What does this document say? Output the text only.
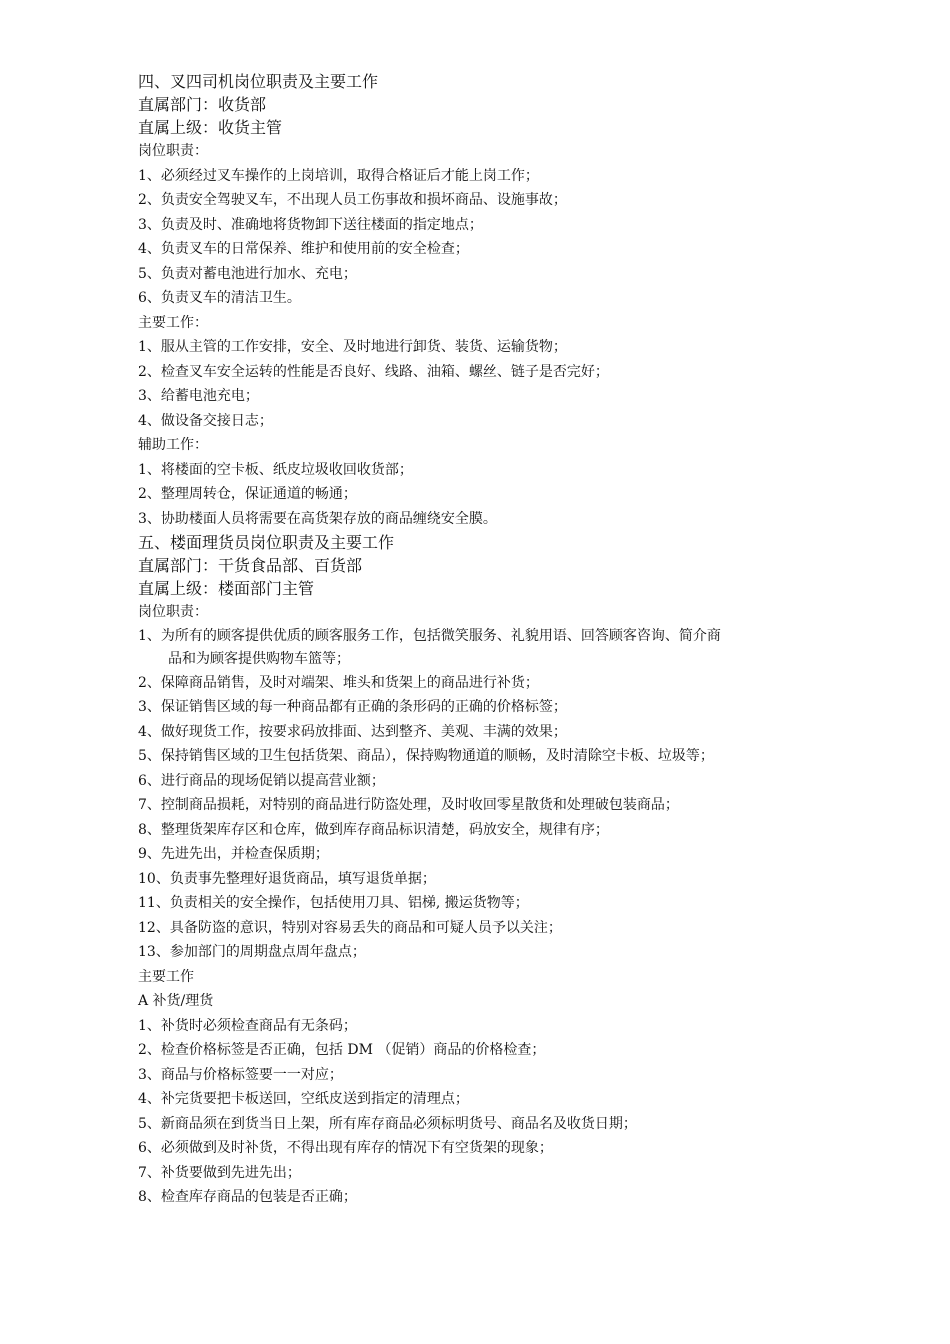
四、叉四司机岗位职责及主要工作
直属部门：收货部
直属上级：收货主管
岗位职责：
1、必须经过叉车操作的上岗培训，取得合格证后才能上岗工作；
2、负责安全驾驶叉车，不出现人员工伤事故和损坏商品、设施事故；
3、负责及时、准确地将货物卸下送往楼面的指定地点；
4、负责叉车的日常保养、维护和使用前的安全检查；
5、负责对蓄电池进行加水、充电；
6、负责叉车的清洁卫生。
主要工作：
1、服从主管的工作安排，安全、及时地进行卸货、装货、运输货物；
2、检查叉车安全运转的性能是否良好、线路、油箱、螺丝、链子是否完好；
3、给蓄电池充电；
4、做设备交接日志；
辅助工作：
1、将楼面的空卡板、纸皮垃圾收回收货部；
2、整理周转仓，保证通道的畅通；
3、协助楼面人员将需要在高货架存放的商品缠绕安全膜。
五、楼面理货员岗位职责及主要工作
直属部门：干货食品部、百货部
直属上级：楼面部门主管
岗位职责：
1、为所有的顾客提供优质的顾客服务工作，包括微笑服务、礼貌用语、回答顾客咨询、简介商
品和为顾客提供购物车篮等；
2、保障商品销售，及时对端架、堆头和货架上的商品进行补货；
3、保证销售区域的每一种商品都有正确的条形码的正确的价格标签；
4、做好现货工作，按要求码放排面、达到整齐、美观、丰满的效果；
5、保持销售区域的卫生包括货架、商品），保持购物通道的顺畅，及时清除空卡板、垃圾等；
6、进行商品的现场促销以提高营业额；
7、控制商品损耗，对特别的商品进行防盗处理，及时收回零星散货和处理破包装商品；
8、整理货架库存区和仓库，做到库存商品标识清楚，码放安全，规律有序；
9、先进先出，并检查保质期；
10、负责事先整理好退货商品，填写退货单据；
11、负责相关的安全操作，包括使用刀具、铝梯, 搬运货物等；
12、具备防盗的意识，特别对容易丢失的商品和可疑人员予以关注；
13、参加部门的周期盘点周年盘点；
主要工作
A 补货/理货
1、补货时必须检查商品有无条码；
2、检查价格标签是否正确，包括 DM （促销）商品的价格检查；
3、商品与价格标签要一一对应；
4、补完货要把卡板送回，空纸皮送到指定的清理点；
5、新商品须在到货当日上架，所有库存商品必须标明货号、商品名及收货日期；
6、必须做到及时补货，不得出现有库存的情况下有空货架的现象；
7、补货要做到先进先出；
8、检查库存商品的包装是否正确；
